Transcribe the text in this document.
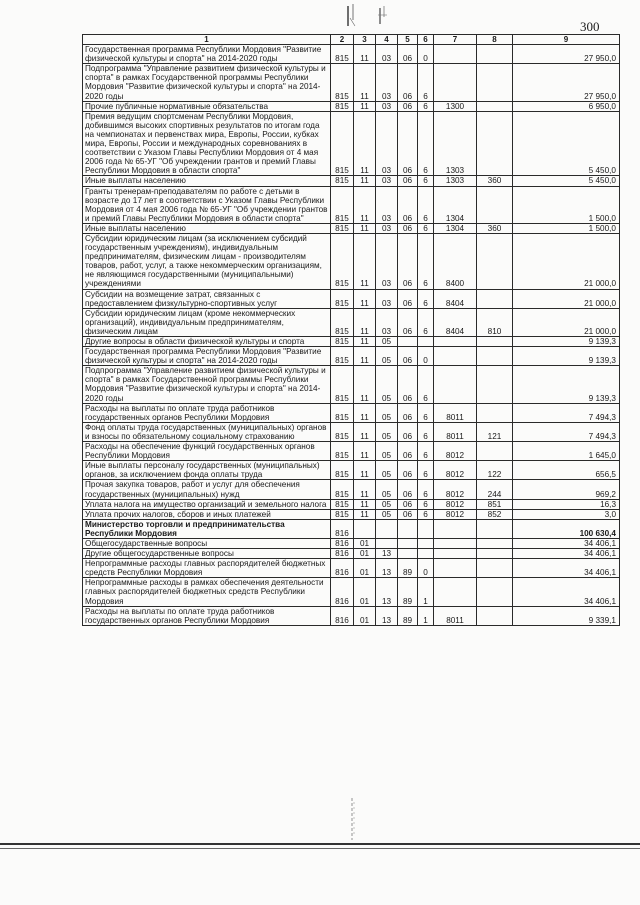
300
1	2	3	4	5	6	7	8	9
Государственная программа Республики Мордовия "Развитие физической культуры и спорта" на 2014-2020 годы	815	11	03	06	0			27 950,0
Подпрограмма "Управление развитием физической культуры и спорта" в рамках Государственной программы Республики Мордовия "Развитие физической культуры и спорта" на 2014-2020 годы	815	11	03	06	6			27 950,0
Прочие публичные нормативные обязательства	815	11	03	06	6	1300		6 950,0
Премия ведущим спортсменам Республики Мордовия, добившимся высоких спортивных результатов по итогам года на чемпионатах и первенствах мира, Европы, России, кубках мира, Европы, России и международных соревнованиях в соответствии с Указом Главы Республики Мордовия от 4 мая 2006 года № 65-УГ "Об учреждении грантов и премий Главы Республики Мордовия в области спорта"	815	11	03	06	6	1303		5 450,0
Иные выплаты населению	815	11	03	06	6	1303	360	5 450,0
Гранты тренерам-преподавателям по работе с детьми в возрасте до 17 лет в соответствии с Указом Главы Республики Мордовия от 4 мая 2006 года № 65-УГ "Об учреждении грантов и премий Главы Республики Мордовия в области спорта"	815	11	03	06	6	1304		1 500,0
Иные выплаты населению	815	11	03	06	6	1304	360	1 500,0
Субсидии юридическим лицам (за исключением субсидий государственным учреждениям), индивидуальным предпринимателям, физическим лицам - производителям товаров, работ, услуг, а также некоммерческим организациям, не являющимся государственными (муниципальными) учреждениями	815	11	03	06	6	8400		21 000,0
Субсидии на возмещение затрат, связанных с предоставлением физкультурно-спортивных услуг	815	11	03	06	6	8404		21 000,0
Субсидии юридическим лицам (кроме некоммерческих организаций), индивидуальным предпринимателям, физическим лицам	815	11	03	06	6	8404	810	21 000,0
Другие вопросы в области физической культуры и спорта	815	11	05					9 139,3
Государственная программа Республики Мордовия "Развитие физической культуры и спорта" на 2014-2020 годы	815	11	05	06	0			9 139,3
Подпрограмма "Управление развитием физической культуры и спорта" в рамках Государственной программы Республики Мордовия "Развитие физической культуры и спорта" на 2014-2020 годы	815	11	05	06	6			9 139,3
Расходы на выплаты по оплате труда работников государственных органов Республики Мордовия	815	11	05	06	6	8011		7 494,3
Фонд оплаты труда государственных (муниципальных) органов и взносы по обязательному социальному страхованию	815	11	05	06	6	8011	121	7 494,3
Расходы на обеспечение функций государственных органов Республики Мордовия	815	11	05	06	6	8012		1 645,0
Иные выплаты персоналу государственных (муниципальных) органов, за исключением фонда оплаты труда	815	11	05	06	6	8012	122	656,5
Прочая закупка товаров, работ и услуг для обеспечения государственных (муниципальных) нужд	815	11	05	06	6	8012	244	969,2
Уплата налога на имущество организаций и земельного налога	815	11	05	06	6	8012	851	16,3
Уплата прочих налогов, сборов и иных платежей	815	11	05	06	6	8012	852	3,0
Министерство торговли и предпринимательства Республики Мордовия	816							100 630,4
Общегосударственные вопросы	816	01						34 406,1
Другие общегосударственные вопросы	816	01	13					34 406,1
Непрограммные расходы главных распорядителей бюджетных средств Республики Мордовия	816	01	13	89	0			34 406,1
Непрограммные расходы в рамках обеспечения деятельности главных распорядителей бюджетных средств Республики Мордовия	816	01	13	89	1			34 406,1
Расходы на выплаты по оплате труда работников государственных органов Республики Мордовия	816	01	13	89	1	8011		9 339,1
